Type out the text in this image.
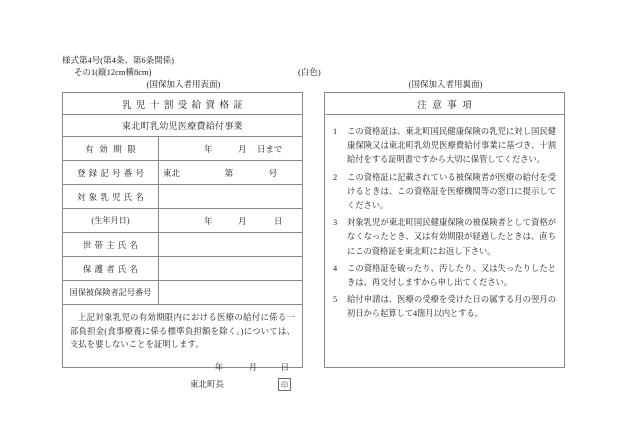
様式第4号(第4条、第6条関係)
その1(縦12cm横8cm)	(白色)
(国保加入者用表面)	(国保加入者用裏面)
乳児十割受給資格証
東北町乳幼児医療費給付事業
有効期限	年	月	日まで
登録記号番号	東北	第	号
対象乳児氏名
(生年月日)	年	月	日
世帯主氏名
保護者氏名
国保被保険者記号番号

上記対象乳児の有効期限内における医療の給付に係る一部負担金(食事療養に係る標準負担額を除く。)については、支払を要しないことを証明します。

年	月	日
東北町長	印
注意事項
1	この資格証は、東北町国民健康保険の乳児に対し国民健康保険又は東北町乳幼児医療費給付事業に基づき、十割給付をする証明書ですから大切に保管してください。
2	この資格証に記載されている被保険者が医療の給付を受けるときは、この資格証を医療機関等の窓口に提示してください。
3	対象乳児が東北町国民健康保険の被保険者として資格がなくなったとき、又は有効期限が経過したときは、直ちにこの資格証を東北町にお返し下さい。
4	この資格証を破ったり、汚したり、又は失ったりしたときは、再交付しますから申し出てください。
5	給付申請は、医療の受療を受けた日の属する月の翌月の初日から起算して4箇月以内とする。
